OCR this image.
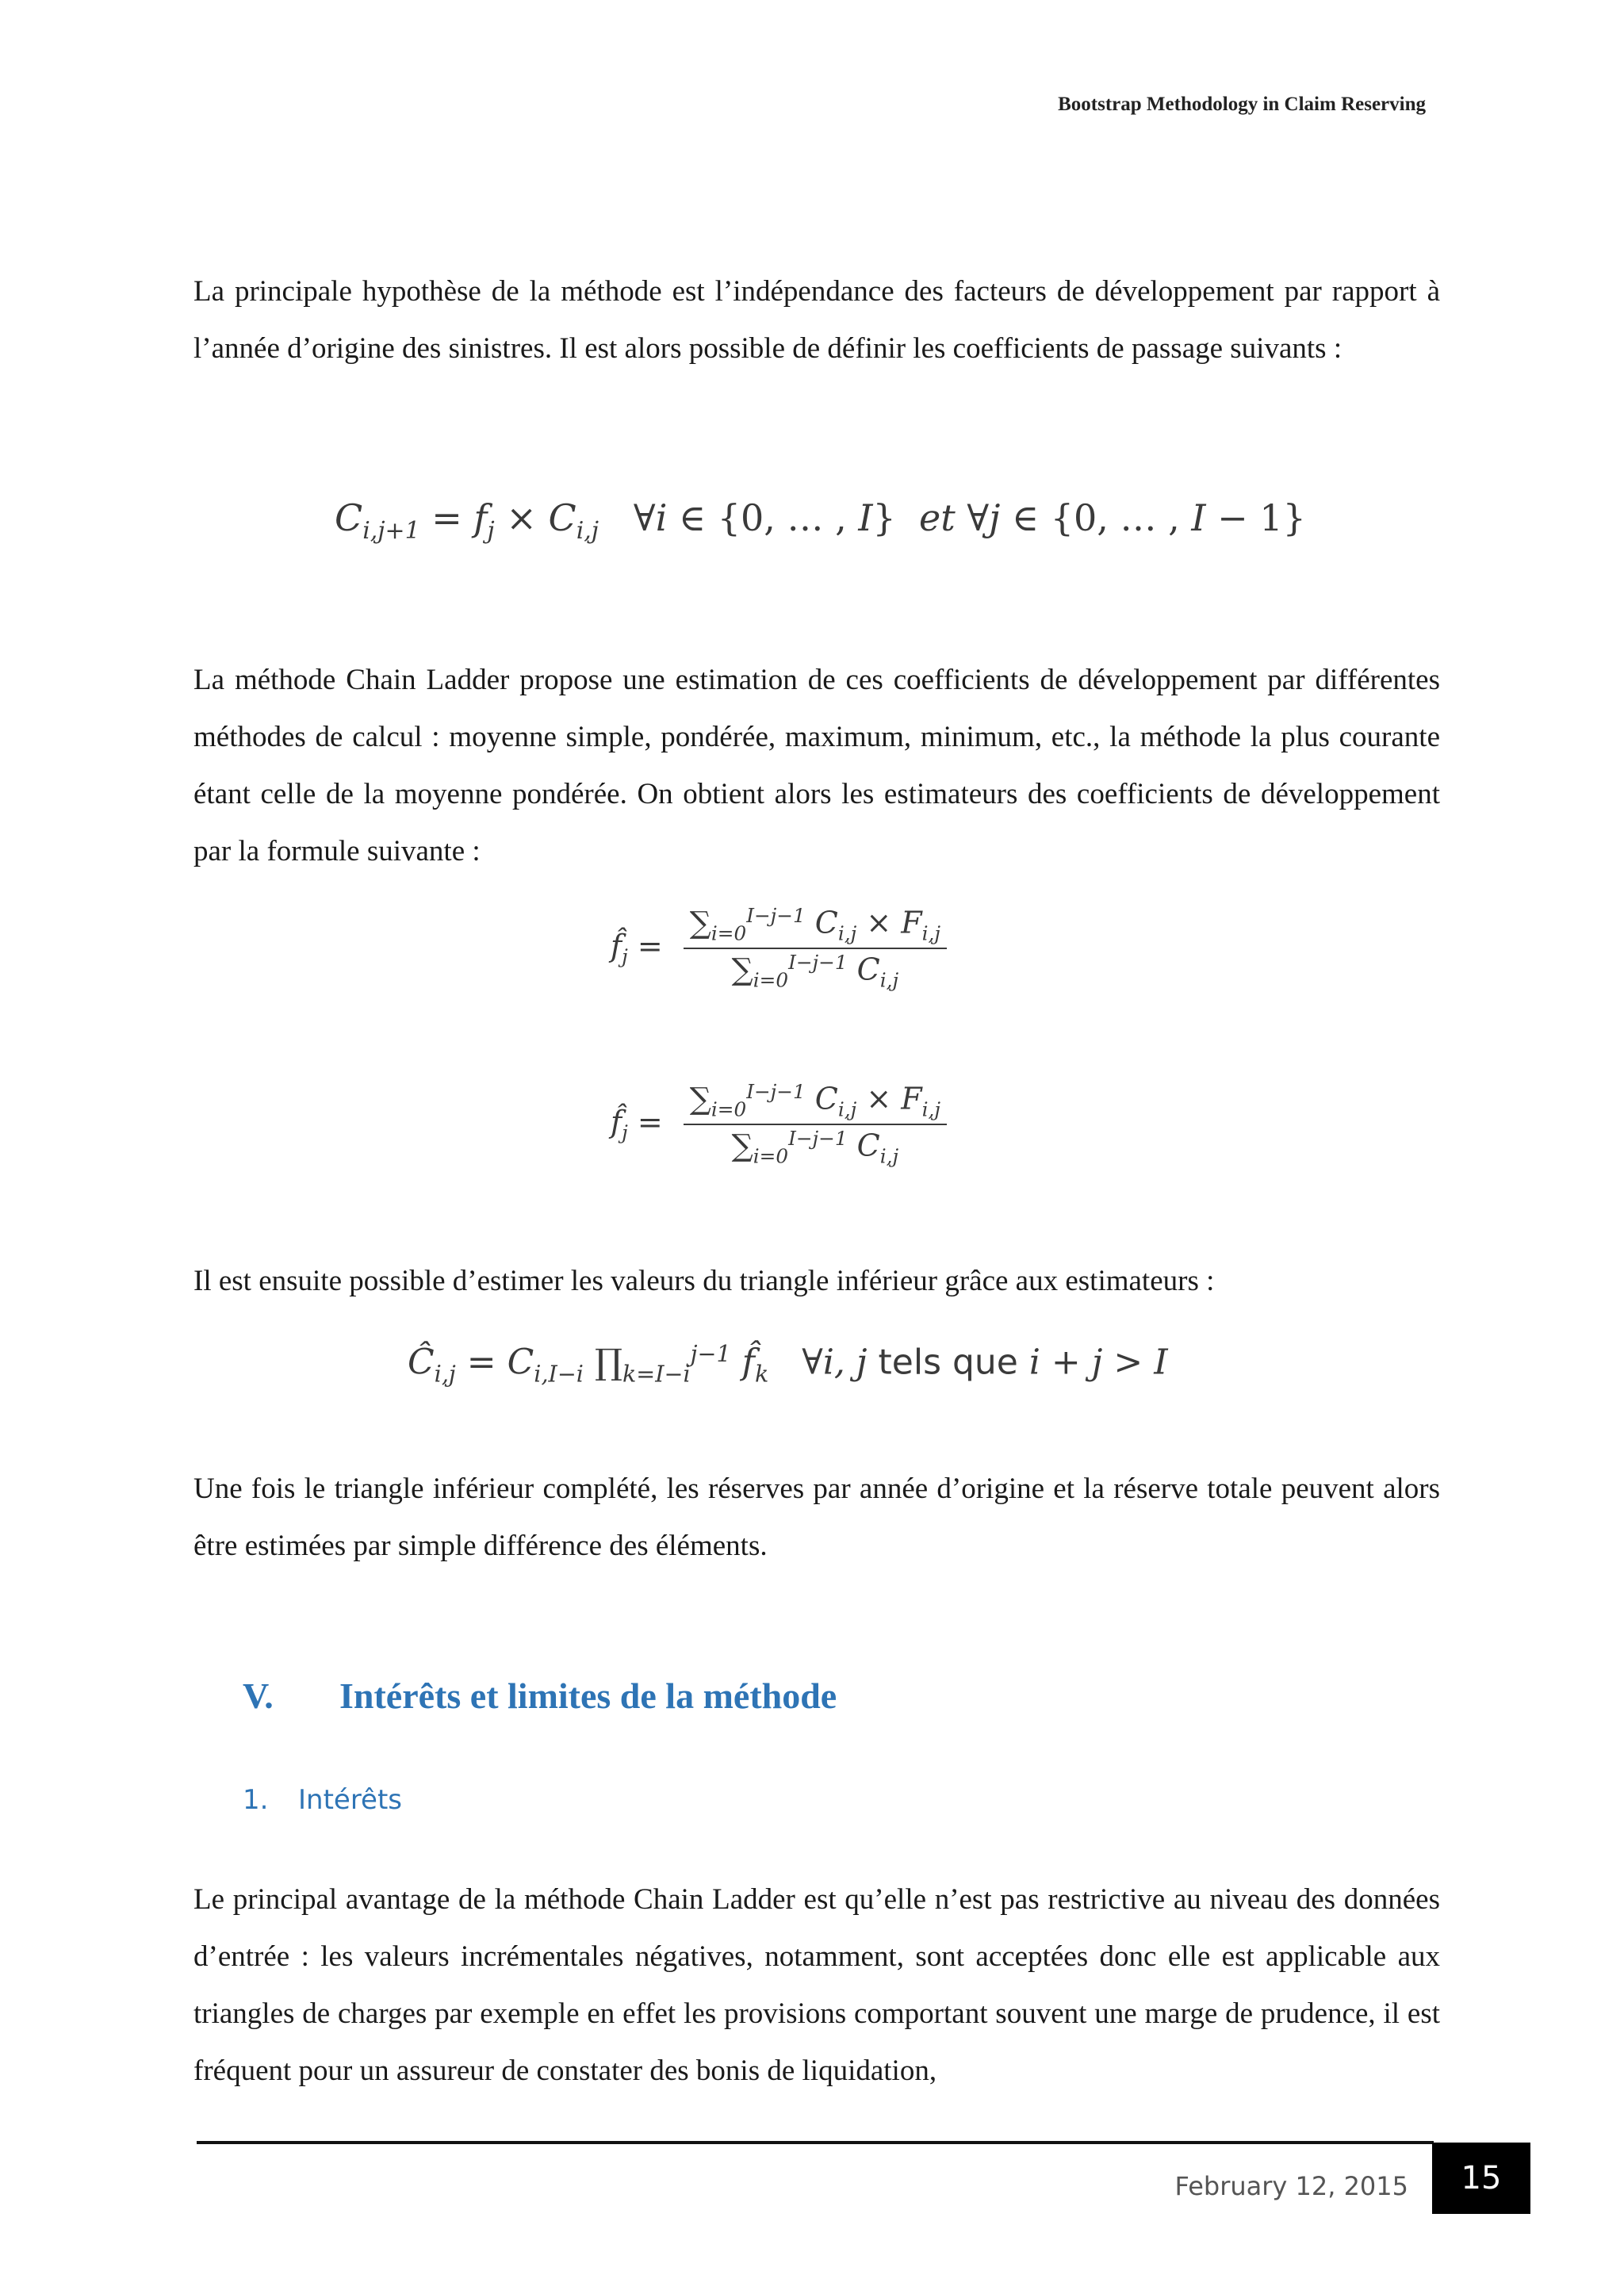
Bootstrap Methodology in Claim Reserving

La principale hypothèse de la méthode est l’indépendance des facteurs de développement par rapport à l’année d’origine des sinistres. Il est alors possible de définir les coefficients de passage suivants :

$C_{i,j+1} = f_j \times C_{i,j}$ ∀i ∈ {0, … , I}  et ∀j ∈ {0, … , I − 1}

La méthode Chain Ladder propose une estimation de ces coefficients de développement par différentes méthodes de calcul : moyenne simple, pondérée, maximum, minimum, etc., la méthode la plus courante étant celle de la moyenne pondérée. On obtient alors les estimateurs des coefficients de développement par la formule suivante :

$f̂_j = \frac{\sum_{i=0}^{I-j-1} C_{i,j} \times F_{i,j}}{\sum_{i=0}^{I-j-1} C_{i,j}}$
$f̂_j = \frac{\sum_{i=0}^{I-j-1} C_{i,j} \times F_{i,j}}{\sum_{i=0}^{I-j-1} C_{i,j}}$

Il est ensuite possible d’estimer les valeurs du triangle inférieur grâce aux estimateurs :

$Ĉ_{i,j} = C_{i,I-i}$ $\prod_{k=I-i}^{j-1}$ $f̂_k$ ∀i, j tels que i + j > I

Une fois le triangle inférieur complété, les réserves par année d’origine et la réserve totale peuvent alors être estimées par simple différence des éléments.

V. Intérêts et limites de la méthode
1. Intérêts

Le principal avantage de la méthode Chain Ladder est qu’elle n’est pas restrictive au niveau des données d’entrée : les valeurs incrémentales négatives, notamment, sont acceptées donc elle est applicable aux triangles de charges par exemple en effet les provisions comportant souvent une marge de prudence, il est fréquent pour un assureur de constater des bonis de liquidation,

February 12, 2015	15
